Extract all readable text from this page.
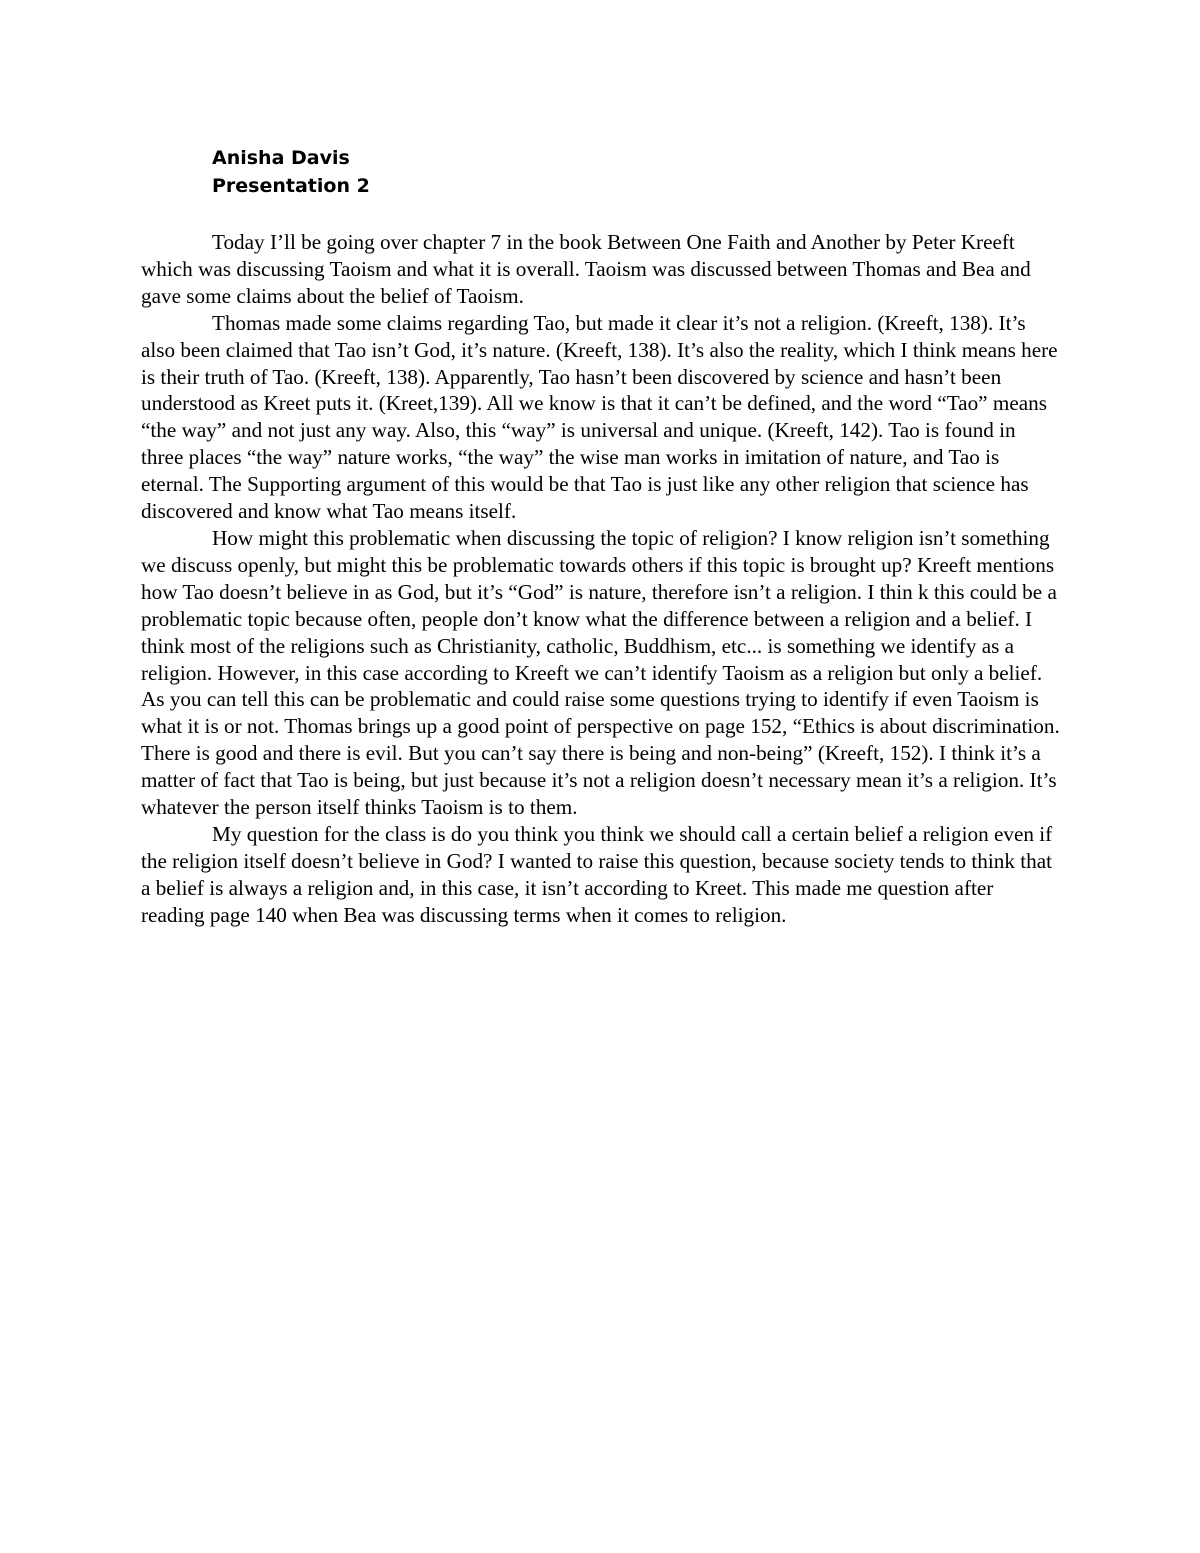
Anisha Davis
Presentation 2

Today I’ll be going over chapter 7 in the book Between One Faith and Another by Peter Kreeft which was discussing Taoism and what it is overall. Taoism was discussed between Thomas and Bea and gave some claims about the belief of Taoism.

Thomas made some claims regarding Tao, but made it clear it’s not a religion. (Kreeft, 138). It’s also been claimed that Tao isn’t God, it’s nature. (Kreeft, 138). It’s also the reality, which I think means here is their truth of Tao. (Kreeft, 138). Apparently, Tao hasn’t been discovered by science and hasn’t been understood as Kreet puts it. (Kreet,139). All we know is that it can’t be defined, and the word “Tao” means “the way” and not just any way. Also, this “way” is universal and unique. (Kreeft, 142). Tao is found in three places “the way” nature works, “the way” the wise man works in imitation of nature, and Tao is eternal. The Supporting argument of this would be that Tao is just like any other religion that science has discovered and know what Tao means itself.

How might this problematic when discussing the topic of religion? I know religion isn’t something we discuss openly, but might this be problematic towards others if this topic is brought up? Kreeft mentions how Tao doesn’t believe in as God, but it’s “God” is nature, therefore isn’t a religion. I thin k this could be a problematic topic because often, people don’t know what the difference between a religion and a belief. I think most of the religions such as Christianity, catholic, Buddhism, etc... is something we identify as a religion. However, in this case according to Kreeft we can’t identify Taoism as a religion but only a belief. As you can tell this can be problematic and could raise some questions trying to identify if even Taoism is what it is or not. Thomas brings up a good point of perspective on page 152, “Ethics is about discrimination. There is good and there is evil. But you can’t say there is being and non-being” (Kreeft, 152). I think it’s a matter of fact that Tao is being, but just because it’s not a religion doesn’t necessary mean it’s a religion. It’s whatever the person itself thinks Taoism is to them.

My question for the class is do you think you think we should call a certain belief a religion even if the religion itself doesn’t believe in God? I wanted to raise this question, because society tends to think that a belief is always a religion and, in this case, it isn’t according to Kreet. This made me question after reading page 140 when Bea was discussing terms when it comes to religion.
